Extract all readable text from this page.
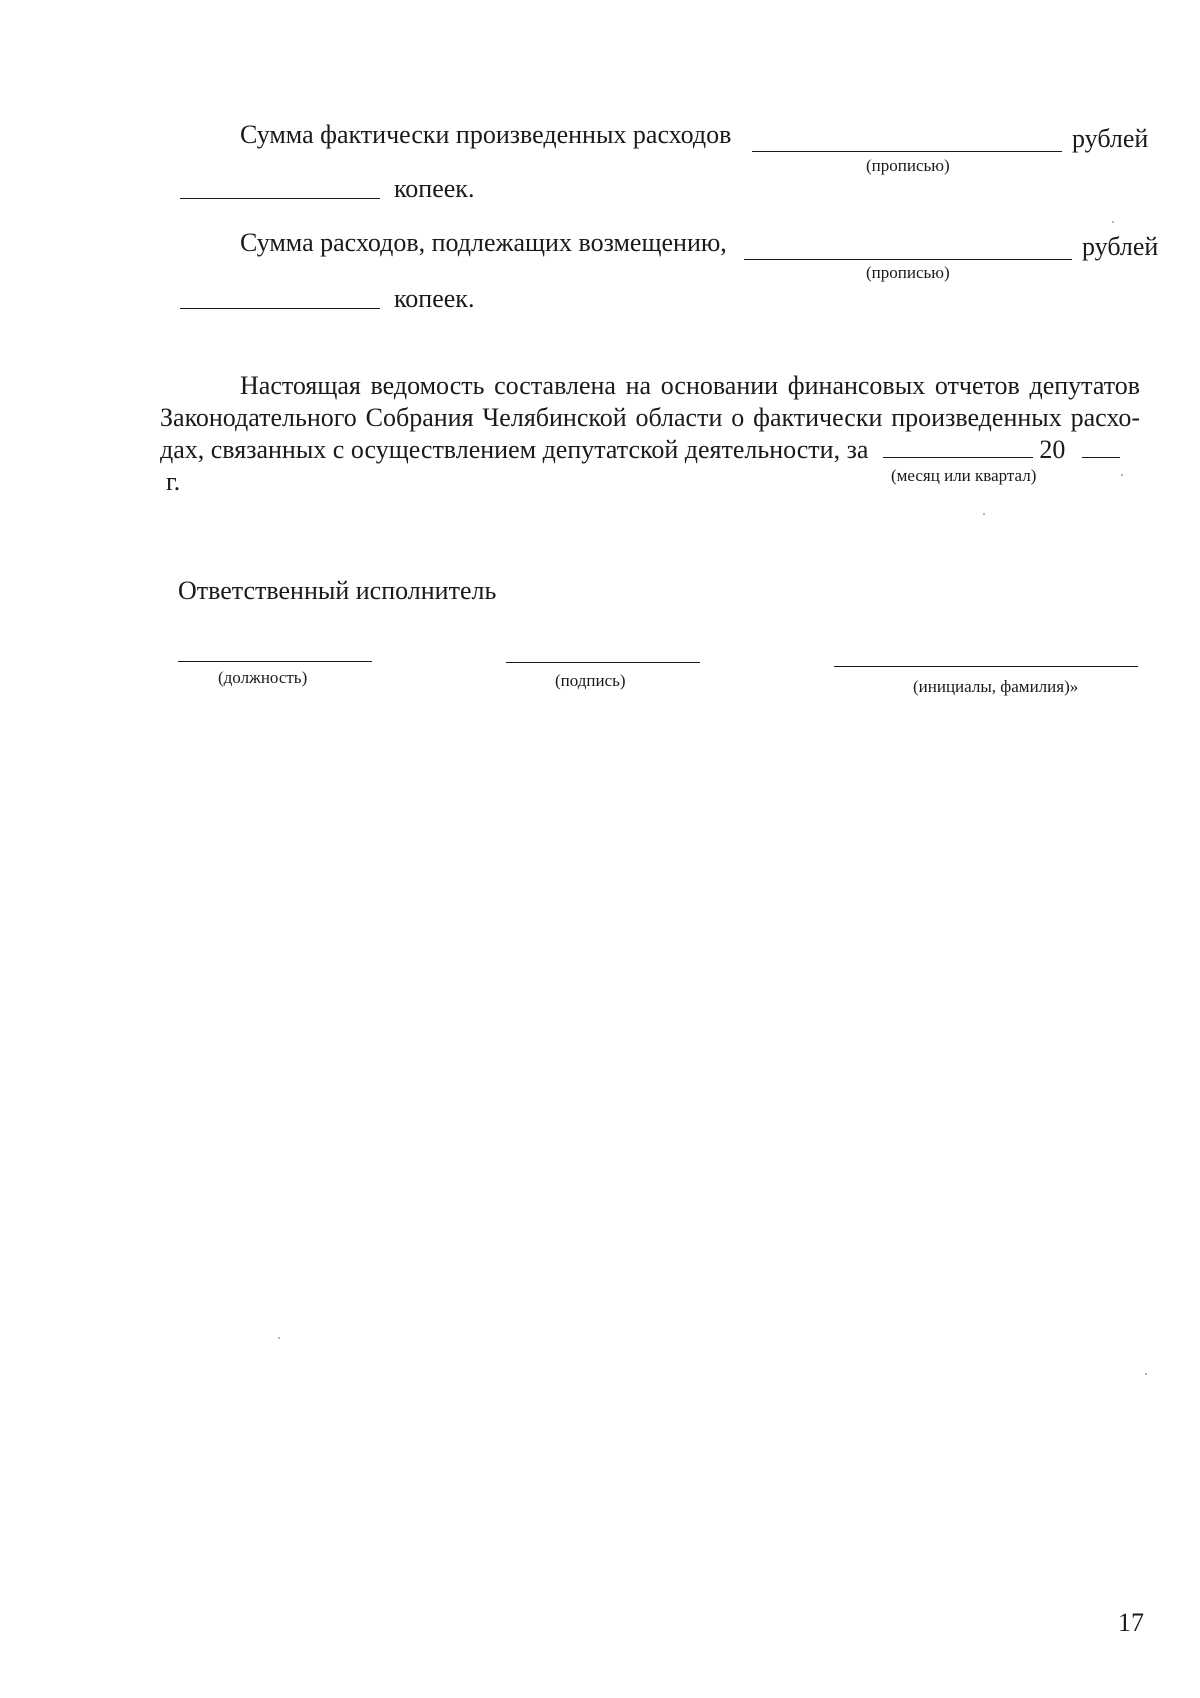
Сумма фактически произведенных расходов	рублей
(прописью)
копеек.
Сумма расходов, подлежащих возмещению,	рублей
(прописью)
копеек.
Настоящая ведомость составлена на основании финансовых отчетов депутатов
Законодательного Собрания Челябинской области о фактически произведенных расхо-
дах, связанных с осуществлением депутатской деятельности, за	20  г.	(месяц или квартал)
Ответственный исполнитель
(должность)	(подпись)	(инициалы, фамилия)»
17
